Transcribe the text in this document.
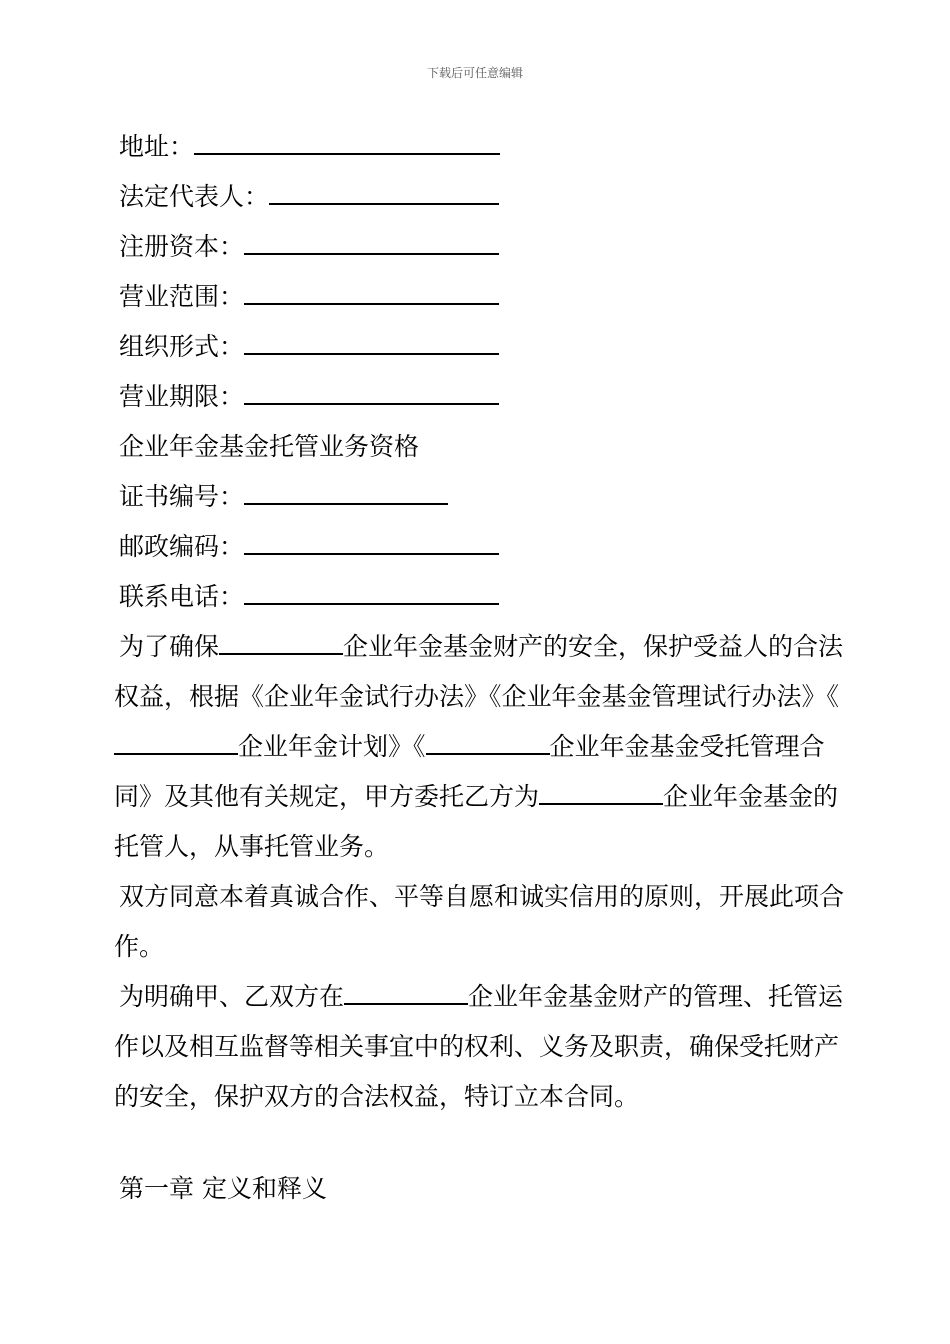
下载后可任意编辑
地址：
法定代表人：
注册资本：
营业范围：
组织形式：
营业期限：
企业年金基金托管业务资格
证书编号：
邮政编码：
联系电话：

为了确保	企业年金基金财产的安全，保护受益人的合法权益，根据《企业年金试行办法》《企业年金基金管理试行办法》《企业年金计划》《	企业年金基金受托管理合同》及其他有关规定，甲方委托乙方为	企业年金基金的托管人，从事托管业务。

双方同意本着真诚合作、平等自愿和诚实信用的原则，开展此项合作。

为明确甲、乙双方在	企业年金基金财产的管理、托管运作以及相互监督等相关事宜中的权利、义务及职责，确保受托财产的安全，保护双方的合法权益，特订立本合同。

第一章 定义和释义
